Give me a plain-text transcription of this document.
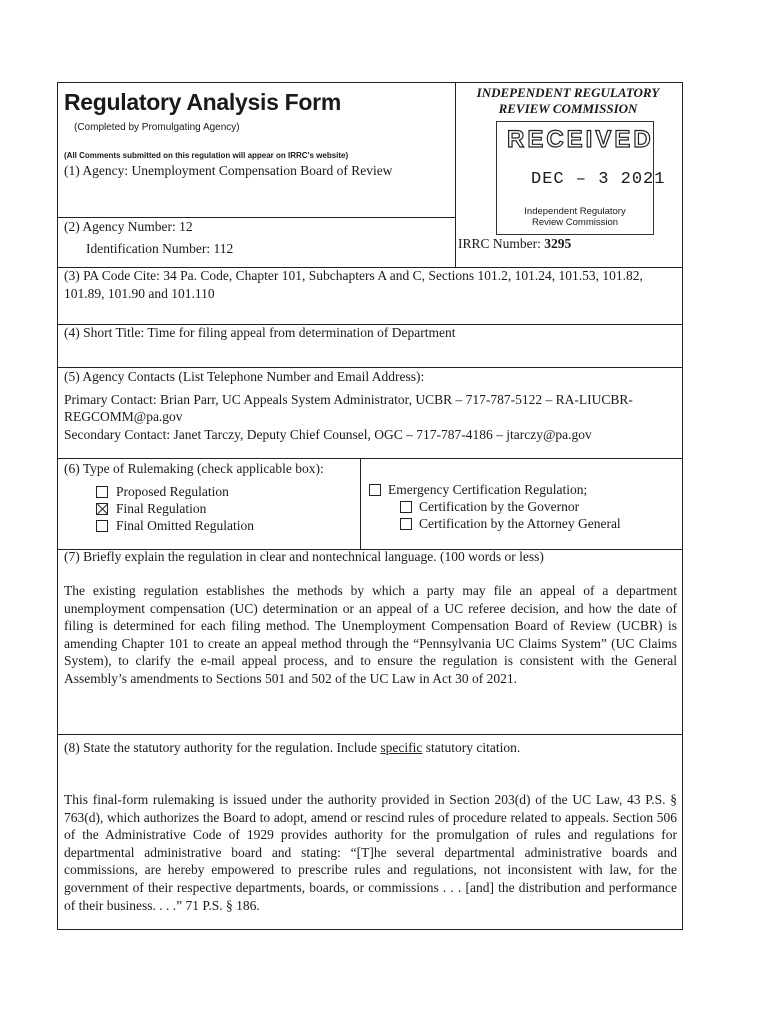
Regulatory Analysis Form
(Completed by Promulgating Agency)
(All Comments submitted on this regulation will appear on IRRC's website)
(1) Agency: Unemployment Compensation Board of Review
(2) Agency Number: 12
Identification Number: 112
INDEPENDENT REGULATORY
REVIEW COMMISSION
RECEIVED
DEC – 3 2021
Independent Regulatory
Review Commission
IRRC Number: 3295
(3) PA Code Cite: 34 Pa. Code, Chapter 101, Subchapters A and C, Sections 101.2, 101.24, 101.53, 101.82,
101.89, 101.90 and 101.110
(4) Short Title: Time for filing appeal from determination of Department
(5) Agency Contacts (List Telephone Number and Email Address):
Primary Contact: Brian Parr, UC Appeals System Administrator, UCBR – 717-787-5122 – RA-LIUCBR-
REGCOMM@pa.gov
Secondary Contact: Janet Tarczy, Deputy Chief Counsel, OGC – 717-787-4186 – jtarczy@pa.gov
(6) Type of Rulemaking (check applicable box):
Proposed Regulation
Final Regulation
Final Omitted Regulation
Emergency Certification Regulation;
Certification by the Governor
Certification by the Attorney General
(7) Briefly explain the regulation in clear and nontechnical language. (100 words or less)
The existing regulation establishes the methods by which a party may file an appeal of a department unemployment compensation (UC) determination or an appeal of a UC referee decision, and how the date of filing is determined for each filing method. The Unemployment Compensation Board of Review (UCBR) is amending Chapter 101 to create an appeal method through the “Pennsylvania UC Claims System” (UC Claims System), to clarify the e-mail appeal process, and to ensure the regulation is consistent with the General Assembly’s amendments to Sections 501 and 502 of the UC Law in Act 30 of 2021.
(8) State the statutory authority for the regulation. Include specific statutory citation.
This final-form rulemaking is issued under the authority provided in Section 203(d) of the UC Law, 43 P.S. § 763(d), which authorizes the Board to adopt, amend or rescind rules of procedure related to appeals. Section 506 of the Administrative Code of 1929 provides authority for the promulgation of rules and regulations for departmental administrative board and stating: “[T]he several departmental administrative boards and commissions, are hereby empowered to prescribe rules and regulations, not inconsistent with law, for the government of their respective departments, boards, or commissions . . . [and] the distribution and performance of their business. . . .” 71 P.S. § 186.
